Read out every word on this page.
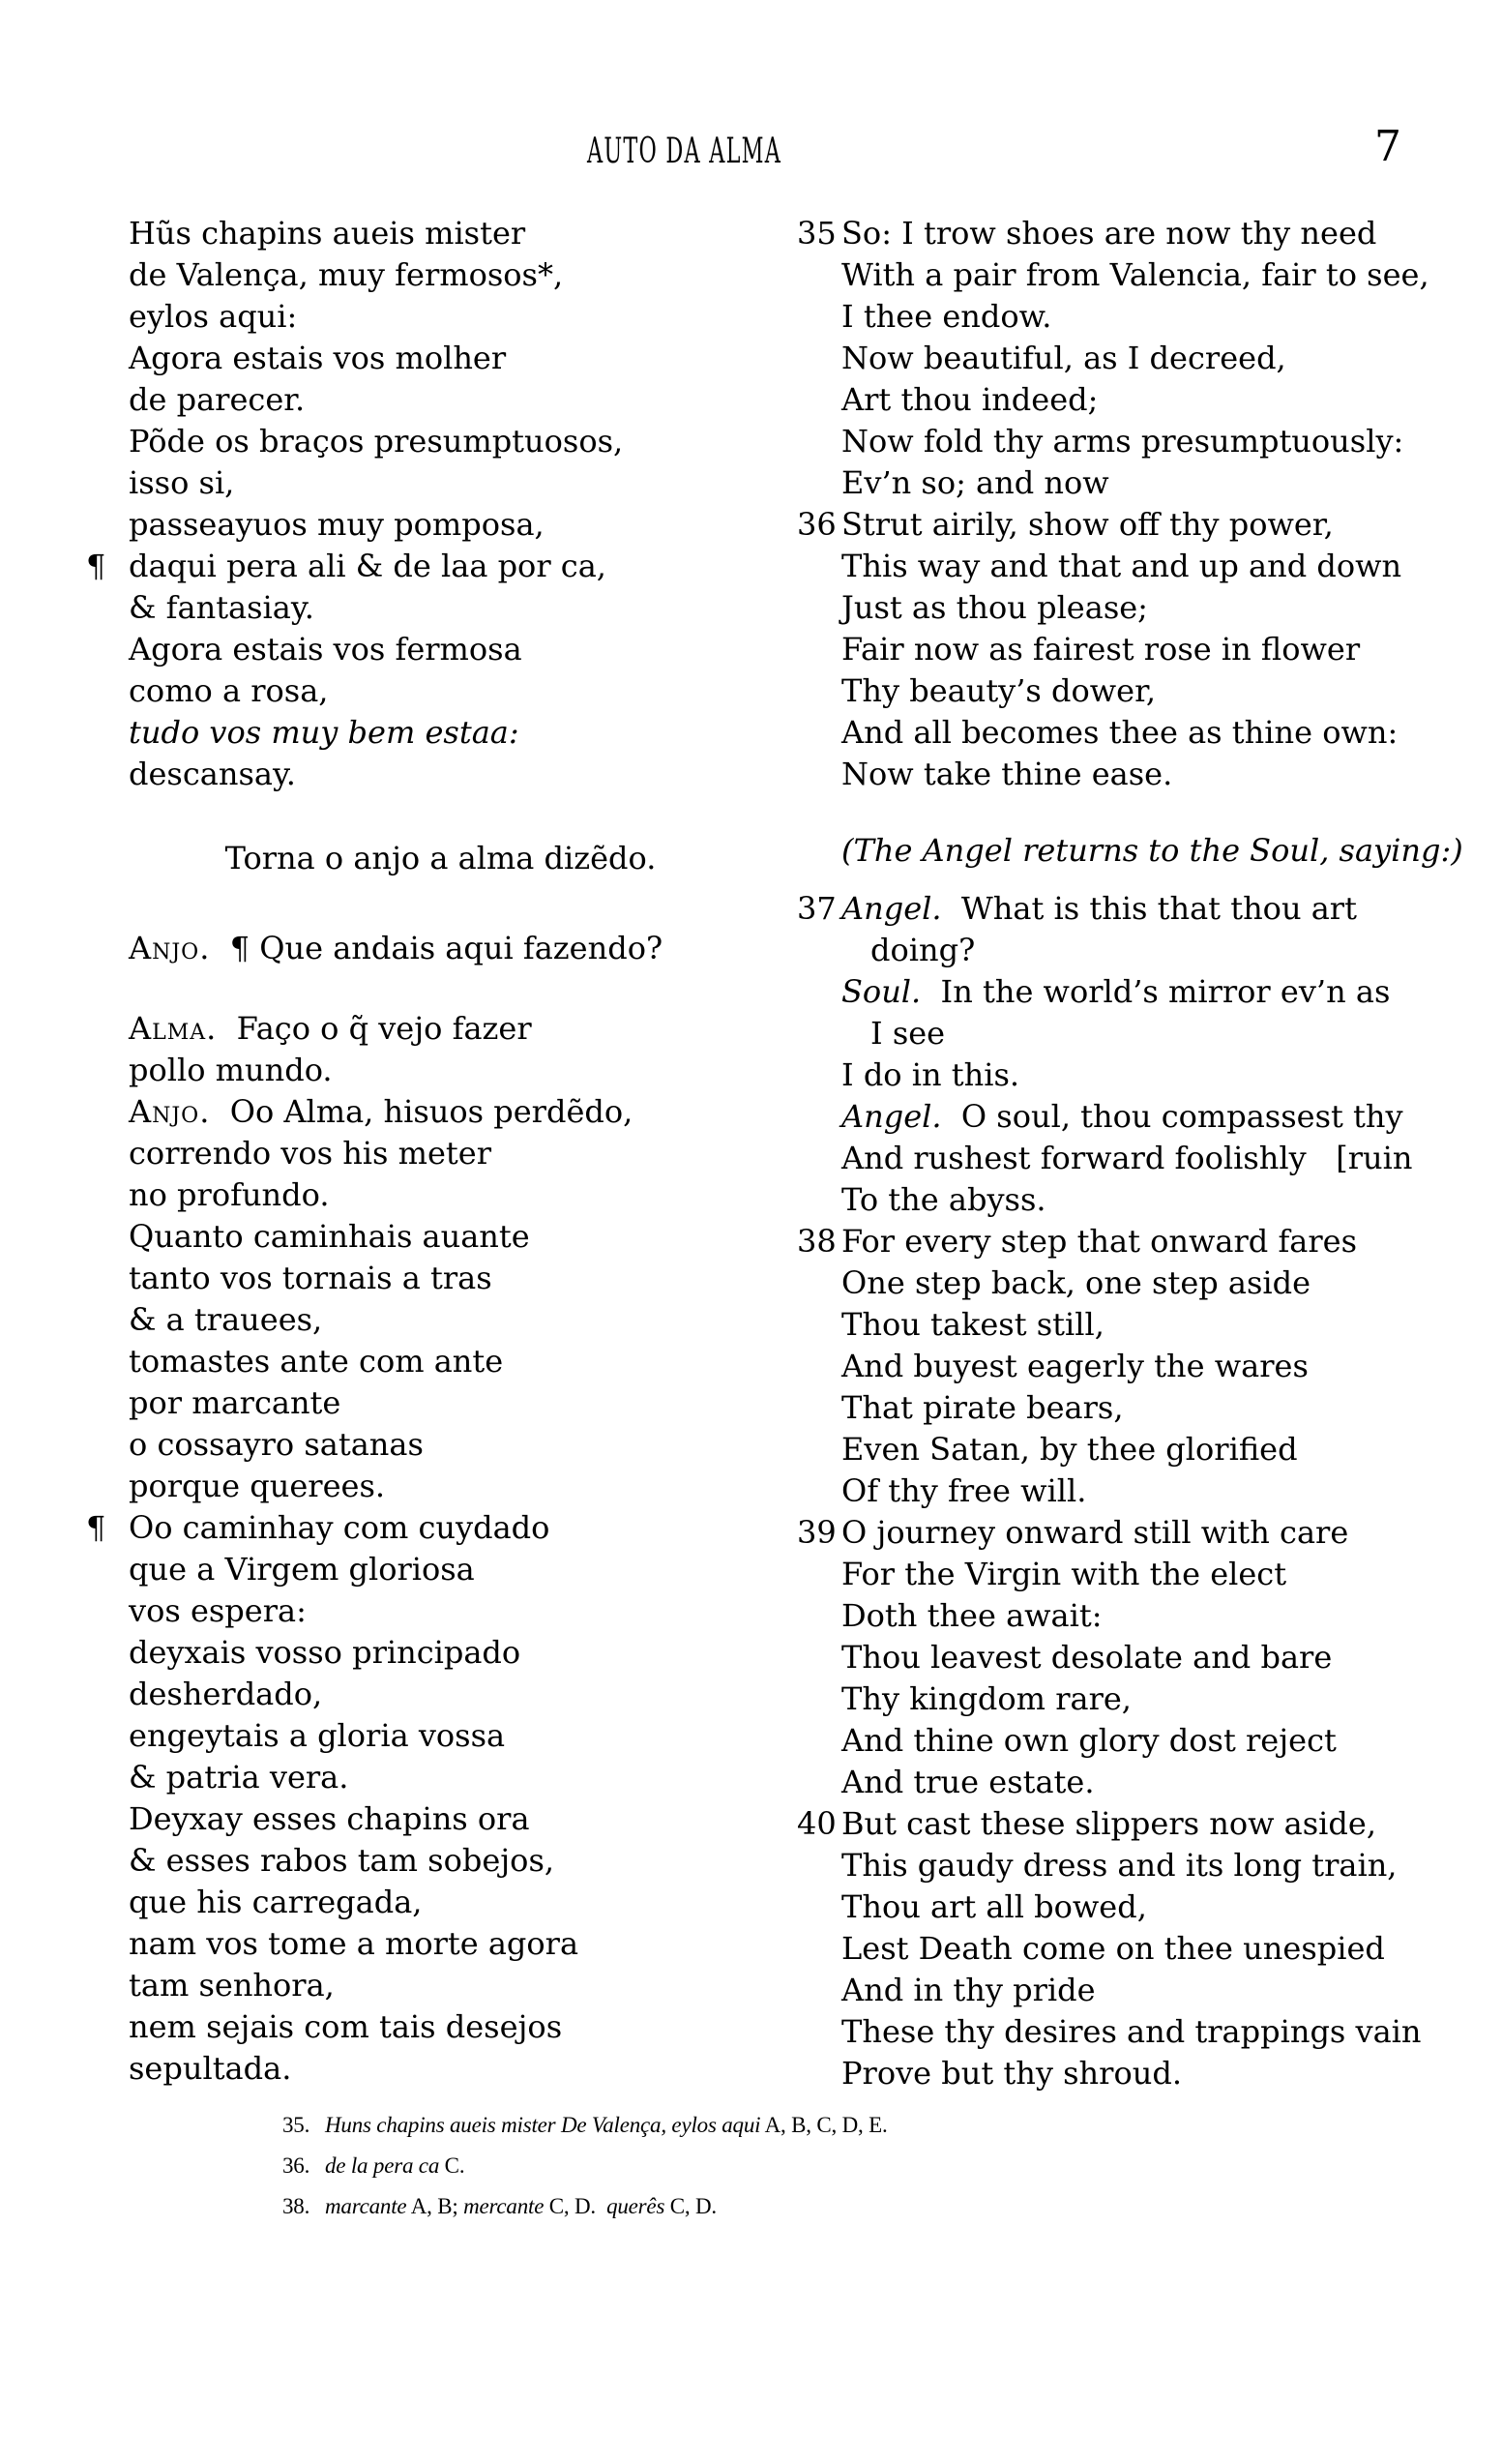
AUTO DA ALMA	7
Hũs chapins aueis mister
de Valença, muy fermosos*,
eylos aqui:
Agora estais vos molher
de parecer.
Põde os braços presumptuosos,
isso si,
passeayuos muy pomposa,
¶ daqui pera ali & de laa por ca,
& fantasiay.
Agora estais vos fermosa
como a rosa,
tudo vos muy bem estaa:
descansay.
Torna o anjo a alma dizẽdo.
Anjo.  ¶ Que andais aqui fazendo?
Alma.  Faço o q̃ vejo fazer
pollo mundo.
Anjo.  Oo Alma, hisuos perdẽdo,
correndo vos his meter
no profundo.
Quanto caminhais auante
tanto vos tornais a tras
& a trauees,
tomastes ante com ante
por marcante
o cossayro satanas
porque querees.
¶ Oo caminhay com cuydado
que a Virgem gloriosa
vos espera:
deyxais vosso principado
desherdado,
engeytais a gloria vossa
& patria vera.
Deyxay esses chapins ora
& esses rabos tam sobejos,
que his carregada,
nam vos tome a morte agora
tam senhora,
nem sejais com tais desejos
sepultada.
35 So: I trow shoes are now thy need
With a pair from Valencia, fair to see,
I thee endow.
Now beautiful, as I decreed,
Art thou indeed;
Now fold thy arms presumptuously:
Ev’n so; and now
36 Strut airily, show off thy power,
This way and that and up and down
Just as thou please;
Fair now as fairest rose in flower
Thy beauty’s dower,
And all becomes thee as thine own:
Now take thine ease.
(The Angel returns to the Soul, saying:)
37 Angel.  What is this that thou art
doing?
Soul.  In the world’s mirror ev’n as
I see
I do in this.
Angel.  O soul, thou compassest thy
And rushest forward foolishly   [ruin
To the abyss.
38 For every step that onward fares
One step back, one step aside
Thou takest still,
And buyest eagerly the wares
That pirate bears,
Even Satan, by thee glorified
Of thy free will.
39 O journey onward still with care
For the Virgin with the elect
Doth thee await:
Thou leavest desolate and bare
Thy kingdom rare,
And thine own glory dost reject
And true estate.
40 But cast these slippers now aside,
This gaudy dress and its long train,
Thou art all bowed,
Lest Death come on thee unespied
And in thy pride
These thy desires and trappings vain
Prove but thy shroud.
35. Huns chapins aueis mister De Valença, eylos aqui A, B, C, D, E.
36. de la pera ca C.
38. marcante A, B; mercante C, D.  querês C, D.
